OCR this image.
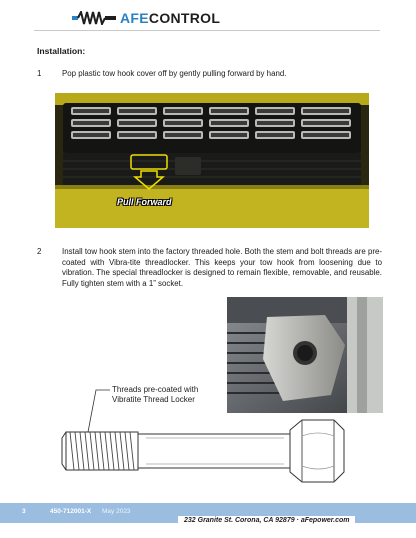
AFECONTROL
Installation:
1	Pop plastic tow hook cover off by gently pulling forward by hand.
Pull Forward
2	Install tow hook stem into the factory threaded hole. Both the stem and bolt threads are pre-coated with Vibra-tite threadlocker. This keeps your tow hook from loosening due to vibration. The special threadlocker is designed to remain flexible, removable, and reusable. Fully tighten stem with a 1” socket.
Threads pre-coated with
Vibratite Thread Locker
3	450-712001-X May 2023
232 Granite St. Corona, CA 92879 · aFepower.com
